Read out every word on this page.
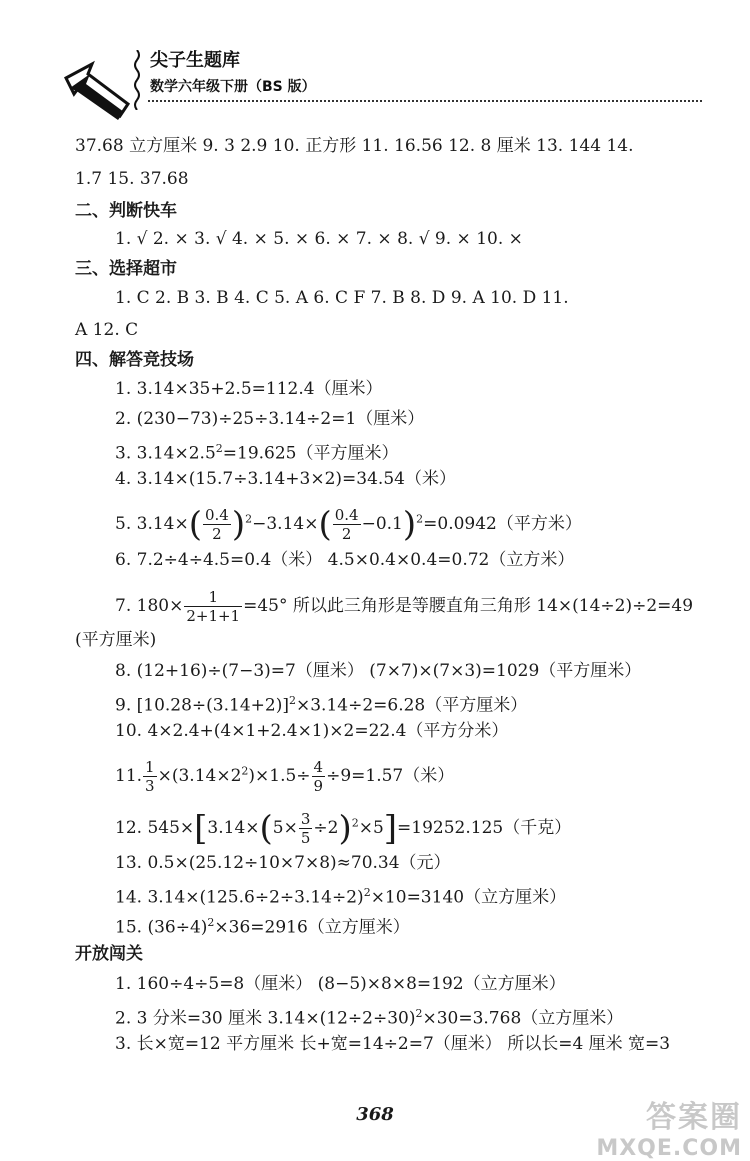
尖子生题库
数学六年级下册（BS 版）
37.68 立方厘米 9. 3 2.9 10. 正方形 11. 16.56 12. 8 厘米 13. 144 14.
1.7 15. 37.68
二、判断快车
1. √ 2. × 3. √ 4. × 5. × 6. × 7. × 8. √ 9. × 10. ×
三、选择超市
1. C 2. B 3. B 4. C 5. A 6. C F 7. B 8. D 9. A 10. D 11.
A 12. C
四、解答竞技场
1. 3.14×35+2.5=112.4（厘米）
2. (230−73)÷25÷3.14÷2=1（厘米）
3. $3.14\times 2.5^2=19.625$（平方厘米）
4. 3.14×(15.7÷3.14+3×2)=34.54（米）
5. $3.14\times( \frac{0.4}{2} )^2-3.14\times( \frac{0.4}{2} -0.1)^2=0.0942$（平方米）
6. 7.2÷4÷4.5=0.4（米） 4.5×0.4×0.4=0.72（立方米）
7. $180\times \frac{1}{2+1+1} =45^\circ$ 所以此三角形是等腰直角三角形 14×(14÷2)÷2=49
(平方厘米)
8. (12+16)÷(7−3)=7（厘米） (7×7)×(7×3)=1029（平方厘米）
9. $[10.28\div(3.14+2)]^2\times 3.14\div 2=6.28$（平方厘米）
10. 4×2.4+(4×1+2.4×1)×2=22.4（平方分米）
11. $\frac{1}{3} \times(3.14\times 2^2)\times 1.5\div \frac{4}{9} \div 9=1.57$（米）
12. $545\times[3.14\times(5\times \frac{3}{5} \div 2)^2\times 5]=19252.125$（千克）
13. 0.5×(25.12÷10×7×8)≈70.34（元）
14. $3.14\times(125.6\div 2\div 3.14\div 2)^2\times 10=3140$（立方厘米）
15. $(36\div 4)^2\times 36=2916$（立方厘米）
开放闯关
1. 160÷4÷5=8（厘米） (8−5)×8×8=192（立方厘米）
2. 3 分米=30 厘米 $3.14\times(12\div 2\div 30)^2\times 30=3.768$（立方厘米）
3. 长×宽=12 平方厘米 长+宽=14÷2=7（厘米） 所以长=4 厘米 宽=3
368	答案圈
MXQE.COM
